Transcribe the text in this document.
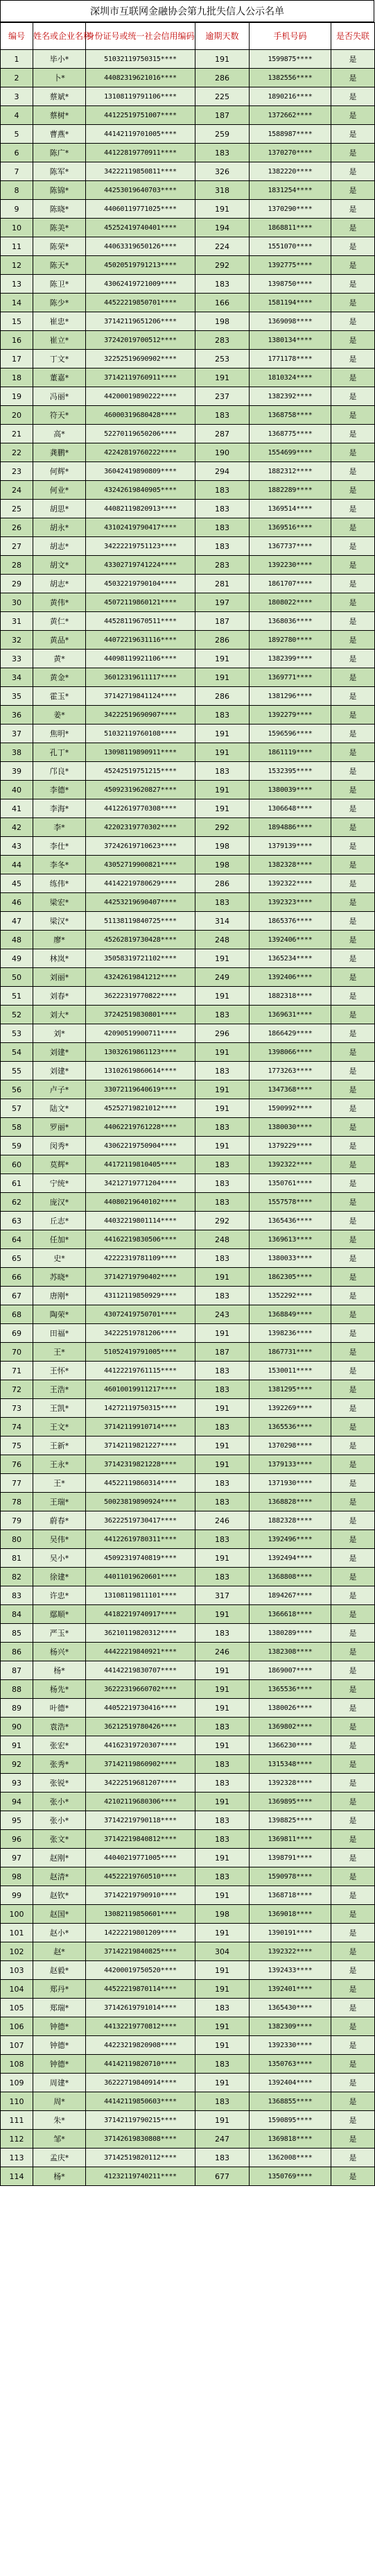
深圳市互联网金融协会第九批失信人公示名单
编号	姓名或企业名称	身份证号或统一社会信用编码	逾期天数	手机号码	是否失联
1	毕小*	51032119750315****	191	1599875****	是
2	卜*	44082319621016****	286	1382556****	是
3	蔡斌*	13108119791106****	225	1890216****	是
4	蔡树*	44122519751007****	187	1372662****	是
5	曹燕*	44142119701005****	259	1588987****	是
6	陈广*	44122819770911****	183	1370270****	是
7	陈军*	34222119850811****	326	1382220****	是
8	陈锦*	44253019640703****	318	1831254****	是
9	陈晓*	44060119771025****	191	1370290****	是
10	陈美*	45252419740401****	194	1868811****	是
11	陈荣*	44063319650126****	224	1551070****	是
12	陈天*	45020519791213****	292	1392775****	是
13	陈卫*	43062419721009****	183	1398750****	是
14	陈少*	44522219850701****	166	1581194****	是
15	崔忠*	37142119651206****	198	1369098****	是
16	崔立*	37242019700512****	283	1380134****	是
17	丁文*	32252519690902****	253	1771178****	是
18	董嘉*	37142119760911****	191	1810324****	是
19	冯丽*	44200019890222****	237	1382392****	是
20	符天*	46000319680428****	183	1368758****	是
21	高*	52270119650206****	287	1368775****	是
22	龚鹏*	42242819760222****	190	1554699****	是
23	何辉*	36042419890809****	294	1882312****	是
24	何业*	43242619840905****	183	1882289****	是
25	胡思*	44082119820913****	183	1369514****	是
26	胡永*	43102419790417****	183	1369516****	是
27	胡志*	34222219751123****	183	1367737****	是
28	胡文*	43302719741224****	283	1392230****	是
29	胡志*	45032219790104****	281	1861707****	是
30	黄伟*	45072119860121****	197	1808022****	是
31	黄仁*	44528119670511****	187	1368036****	是
32	黄品*	44072219631116****	286	1892780****	是
33	黄*	44098119921106****	191	1382399****	是
34	黄金*	36012319611117****	191	1369771****	是
35	霍玉*	37142719841124****	286	1381296****	是
36	姜*	34222519690907****	183	1392279****	是
37	焦明*	51032119760108****	191	1596596****	是
38	孔丁*	13098119890911****	191	1861119****	是
39	邝良*	45242519751215****	183	1532395****	是
40	李德*	45092319620827****	191	1380039****	是
41	李海*	44122619770308****	191	1306648****	是
42	李*	42202319770302****	292	1894886****	是
43	李仕*	37242619710623****	198	1379139****	是
44	李冬*	43052719900821****	198	1382328****	是
45	练伟*	44142219780629****	286	1392322****	是
46	梁宏*	44253219690407****	183	1392323****	是
47	梁汉*	51138119840725****	314	1865376****	是
48	廖*	45262819730428****	248	1392406****	是
49	林岚*	35058319721102****	191	1365234****	是
50	刘丽*	43242619841212****	249	1392406****	是
51	刘春*	36222319770822****	191	1882318****	是
52	刘大*	37242519830801****	183	1369631****	是
53	刘*	42090519900711****	296	1866429****	是
54	刘建*	13032619861123****	191	1398066****	是
55	刘建*	13102619860614****	183	1773263****	是
56	卢子*	33072119640619****	191	1347368****	是
57	陆文*	45252719821012****	191	1590992****	是
58	罗丽*	44062219761228****	183	1380030****	是
59	闵秀*	43062219750904****	191	1379229****	是
60	莫辉*	44172119810405****	183	1392322****	是
61	宁统*	34212719771204****	183	1350761****	是
62	庞汉*	44080219640102****	183	1557578****	是
63	丘志*	44032219801114****	292	1365436****	是
64	任加*	44162219830506****	248	1369613****	是
65	史*	42222319781109****	183	1380033****	是
66	苏晓*	37142719790402****	191	1862305****	是
67	唐刚*	43112119850929****	183	1352292****	是
68	陶荣*	43072419750701****	243	1368849****	是
69	田福*	34222519781206****	191	1398236****	是
70	王*	51052419791005****	187	1867731****	是
71	王怀*	44122219761115****	183	1530011****	是
72	王浩*	46010019911217****	183	1381295****	是
73	王凯*	14272119750315****	191	1392269****	是
74	王文*	37142119910714****	183	1365536****	是
75	王新*	37142119821227****	191	1370298****	是
76	王永*	37142319821228****	191	1379133****	是
77	王*	44522119860314****	183	1371930****	是
78	王瑞*	50023819890924****	183	1368828****	是
79	蔚春*	36222519730417****	246	1882328****	是
80	吴伟*	44122619780311****	183	1392496****	是
81	吴小*	45092319740819****	191	1392494****	是
82	徐建*	44011019620601****	183	1368808****	是
83	许忠*	13108119811101****	317	1894267****	是
84	鄢顺*	44182219740917****	191	1366618****	是
85	严玉*	36210119820312****	183	1380289****	是
86	杨兴*	44422219840921****	246	1382308****	是
87	杨*	44142219830707****	191	1869007****	是
88	杨先*	36222319660702****	191	1365536****	是
89	叶德*	44052219730416****	191	1380026****	是
90	袁浩*	36212519780426****	183	1369802****	是
91	张宏*	44162319720307****	191	1366230****	是
92	张秀*	37142119860902****	183	1315348****	是
93	张锐*	34222519681207****	183	1392328****	是
94	张小*	42102119680306****	191	1369895****	是
95	张小*	37142219790118****	183	1398825****	是
96	张文*	37142219840812****	183	1369811****	是
97	赵刚*	44040219771005****	191	1398791****	是
98	赵清*	44522219760510****	183	1590978****	是
99	赵钦*	37142219790910****	191	1368718****	是
100	赵国*	13082119850601****	198	1369018****	是
101	赵小*	14222219801209****	191	1390191****	是
102	赵*	37142219840825****	304	1392322****	是
103	赵毅*	44200019750520****	191	1392433****	是
104	郑丹*	44522219870114****	191	1392401****	是
105	郑瑞*	37142619791014****	183	1365430****	是
106	钟德*	44132219770812****	191	1382309****	是
107	钟德*	44223219820908****	191	1392330****	是
108	钟德*	44142119820710****	183	1350763****	是
109	周建*	36222719840914****	191	1392404****	是
110	周*	44142119850603****	183	1368855****	是
111	朱*	37142119790215****	191	1590895****	是
112	邹*	37142619830808****	247	1369818****	是
113	孟庆*	37142519820112****	183	1362008****	是
114	杨*	41232119740211****	677	1350769****	是
